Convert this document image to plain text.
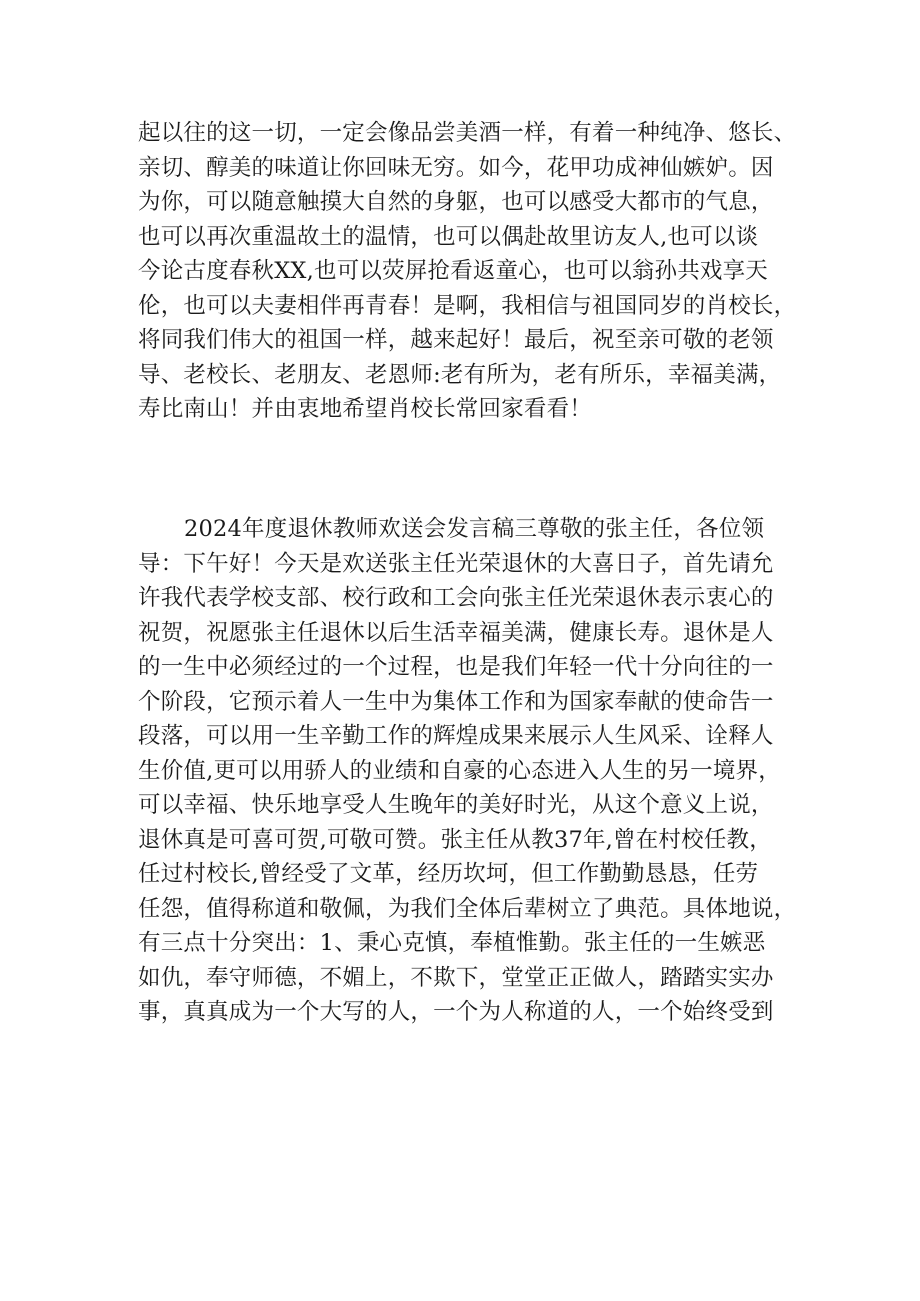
起以往的这一切，一定会像品尝美酒一样，有着一种纯净、悠长、
亲切、醇美的味道让你回味无穷。如今，花甲功成神仙嫉妒。因
为你，可以随意触摸大自然的身躯，也可以感受大都市的气息，
也可以再次重温故土的温情，也可以偶赴故里访友人,也可以谈
今论古度春秋XX,也可以荧屏抢看返童心，也可以翁孙共戏享天
伦，也可以夫妻相伴再青春！是啊，我相信与祖国同岁的肖校长，
将同我们伟大的祖国一样，越来起好！最后，祝至亲可敬的老领
导、老校长、老朋友、老恩师:老有所为，老有所乐，幸福美满，
寿比南山！并由衷地希望肖校长常回家看看！
2024年度退休教师欢送会发言稿三尊敬的张主任，各位领
导：下午好！今天是欢送张主任光荣退休的大喜日子，首先请允
许我代表学校支部、校行政和工会向张主任光荣退休表示衷心的
祝贺，祝愿张主任退休以后生活幸福美满，健康长寿。退休是人
的一生中必须经过的一个过程，也是我们年轻一代十分向往的一
个阶段，它预示着人一生中为集体工作和为国家奉献的使命告一
段落，可以用一生辛勤工作的辉煌成果来展示人生风采、诠释人
生价值,更可以用骄人的业绩和自豪的心态进入人生的另一境界，
可以幸福、快乐地享受人生晚年的美好时光，从这个意义上说，
退休真是可喜可贺,可敬可赞。张主任从教37年,曾在村校任教，
任过村校长,曾经受了文革，经历坎坷，但工作勤勤恳恳，任劳
任怨，值得称道和敬佩，为我们全体后辈树立了典范。具体地说，
有三点十分突出：1、秉心克慎，奉植惟勤。张主任的一生嫉恶
如仇，奉守师德，不媚上，不欺下，堂堂正正做人，踏踏实实办
事，真真成为一个大写的人，一个为人称道的人，一个始终受到
